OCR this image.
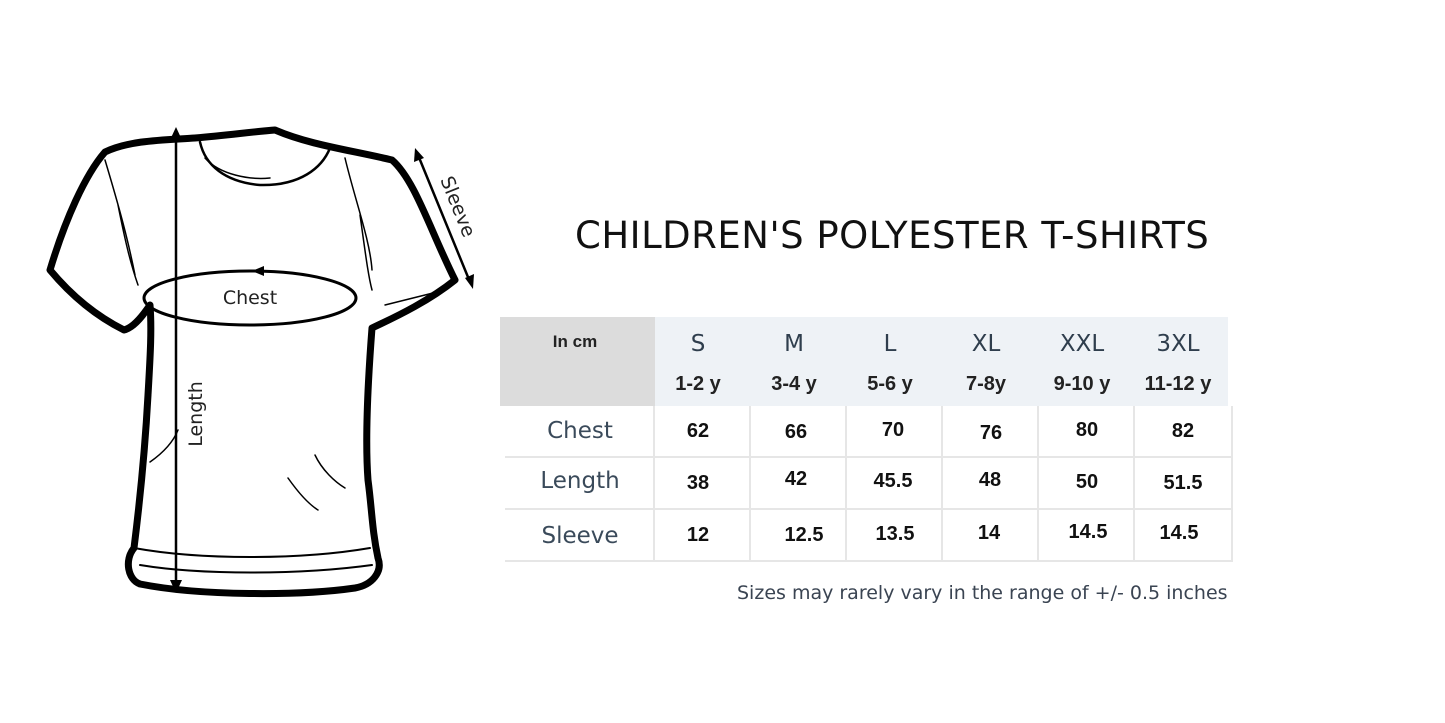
Chest
Length
Sleeve	CHILDREN'S POLYESTER T-SHIRTS
In cm	S	M	L	XL	XXL	3XL
1-2 y	3-4 y	5-6 y	7-8y	9-10 y	11-12 y
Chest	62	66	70	76	80	82
Length	38	42	45.5	48	50	51.5
Sleeve	12	12.5	13.5	14	14.5	14.5
Sizes may rarely vary in the range of +/- 0.5 inches
